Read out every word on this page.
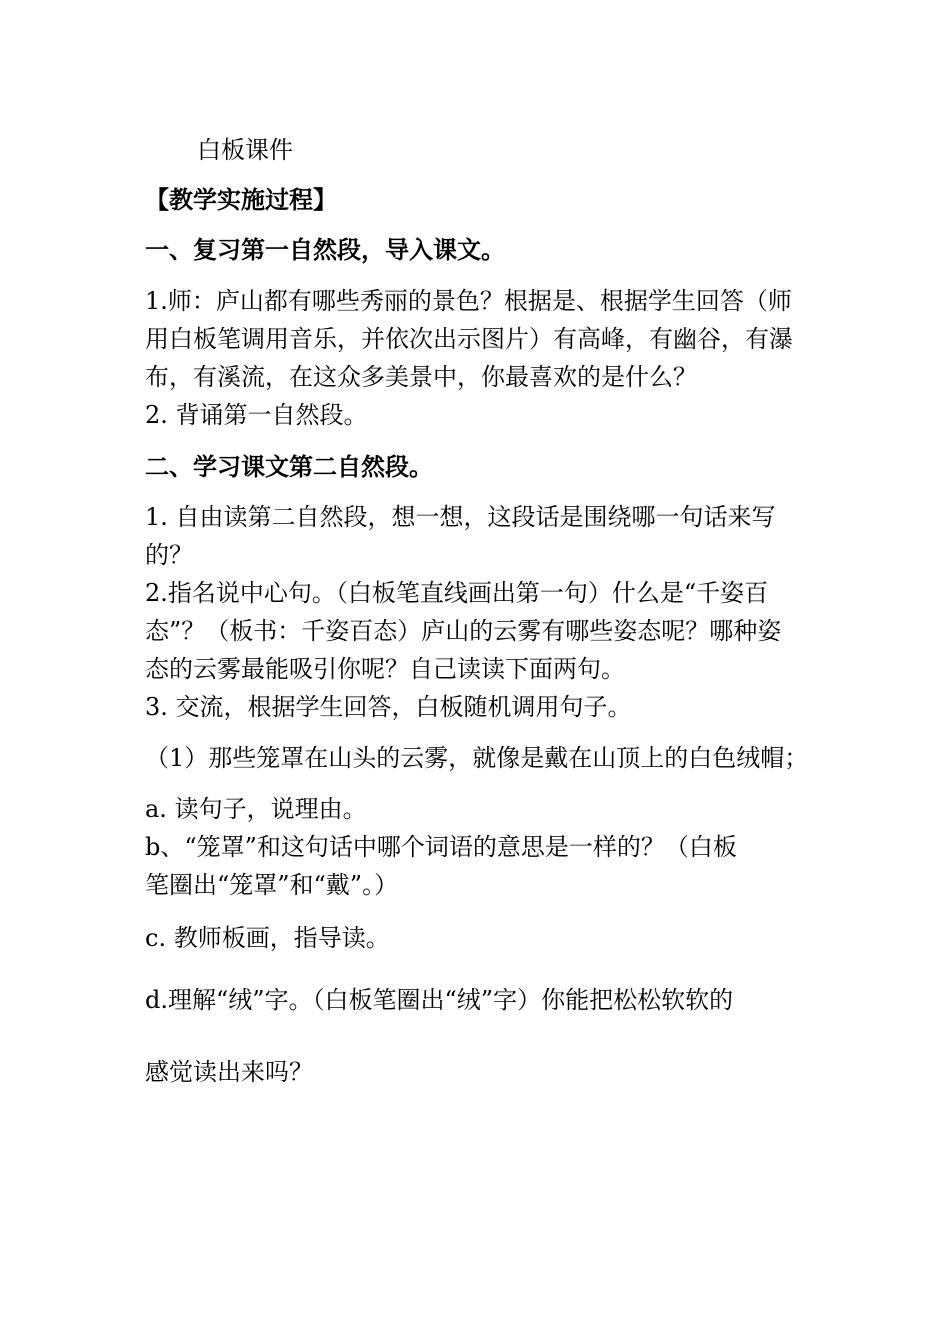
白板课件
【教学实施过程】
一、复习第一自然段，导入课文。
1.师：庐山都有哪些秀丽的景色？根据是、根据学生回答（师
用白板笔调用音乐，并依次出示图片）有高峰，有幽谷，有瀑
布，有溪流，在这众多美景中，你最喜欢的是什么？
2. 背诵第一自然段。
二、学习课文第二自然段。
1. 自由读第二自然段，想一想，这段话是围绕哪一句话来写
的？
2.指名说中心句。（白板笔直线画出第一句）什么是“千姿百
态”？（板书：千姿百态）庐山的云雾有哪些姿态呢？哪种姿
态的云雾最能吸引你呢？自己读读下面两句。
3. 交流，根据学生回答，白板随机调用句子。
（1）那些笼罩在山头的云雾，就像是戴在山顶上的白色绒帽；
a. 读句子，说理由。
b、“笼罩”和这句话中哪个词语的意思是一样的？（白板
笔圈出“笼罩”和“戴”。）
c. 教师板画，指导读。
d.理解“绒”字。（白板笔圈出“绒”字）你能把松松软软的
感觉读出来吗？
